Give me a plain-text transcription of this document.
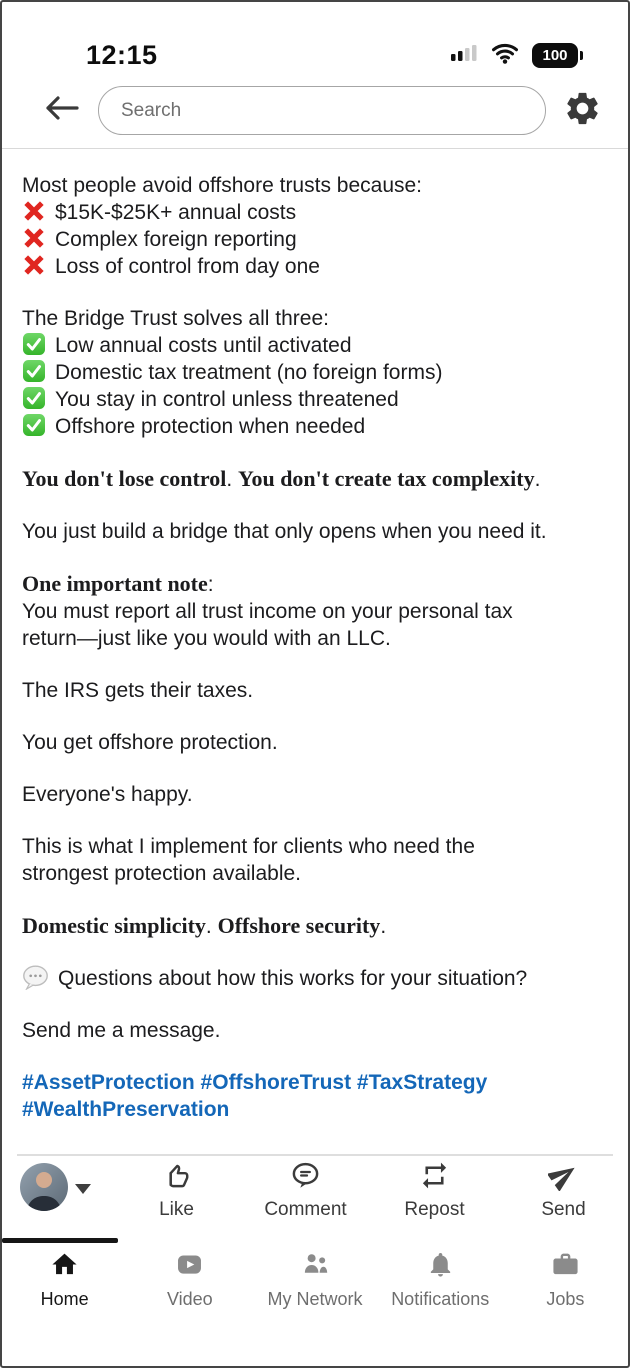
12:15	100
Search
Most people avoid offshore trusts because:
$15K-$25K+ annual costs
Complex foreign reporting
Loss of control from day one
The Bridge Trust solves all three:
Low annual costs until activated
Domestic tax treatment (no foreign forms)
You stay in control unless threatened
Offshore protection when needed
You don't lose control. You don't create tax complexity.
You just build a bridge that only opens when you need it.
One important note:
You must report all trust income on your personal tax
return—just like you would with an LLC.
The IRS gets their taxes.
You get offshore protection.
Everyone's happy.
This is what I implement for clients who need the
strongest protection available.
Domestic simplicity. Offshore security.
Questions about how this works for your situation?
Send me a message.
#AssetProtection #OffshoreTrust #TaxStrategy
#WealthPreservation
Like	Comment	Repost	Send
Home	Video	My Network Notifications	Jobs
